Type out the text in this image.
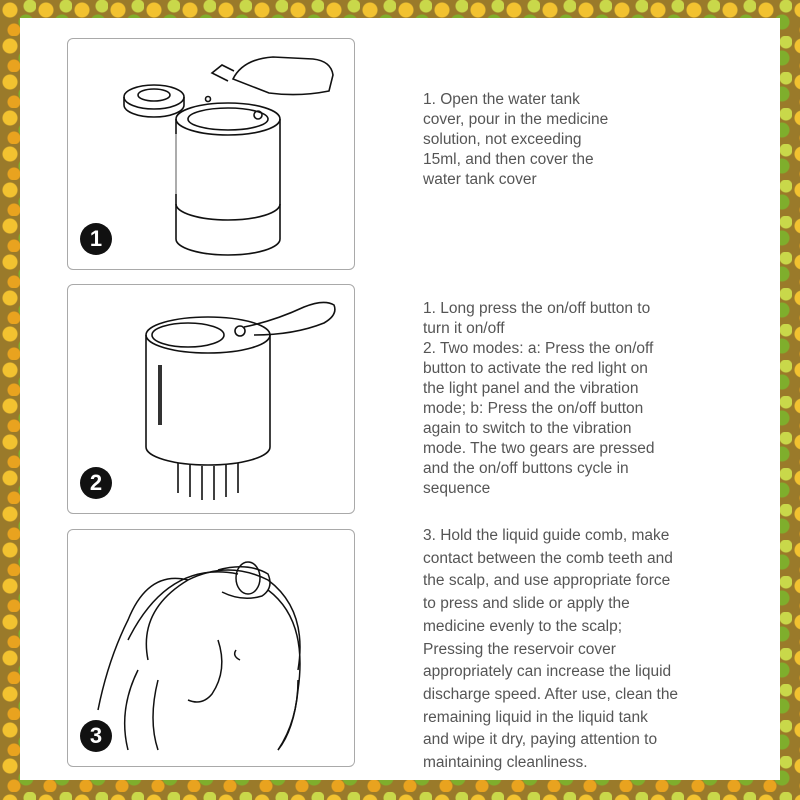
1
2
3

1. Open the water tank

cover, pour in the medicine

solution, not exceeding

15ml, and then cover the

water tank cover

1. Long press the on/off button to

turn it on/off

2. Two modes: a: Press the on/off

button to activate the red light on

the light panel and the vibration

mode; b: Press the on/off button

again to switch to the vibration

mode. The two gears are pressed

and the on/off buttons cycle in

sequence

3. Hold the liquid guide comb, make

contact between the comb teeth and

the scalp, and use appropriate force

to press and slide or apply the

medicine evenly to the scalp;

Pressing the reservoir cover

appropriately can increase the liquid

discharge speed. After use, clean the

remaining liquid in the liquid tank

and wipe it dry, paying attention to

maintaining cleanliness.
